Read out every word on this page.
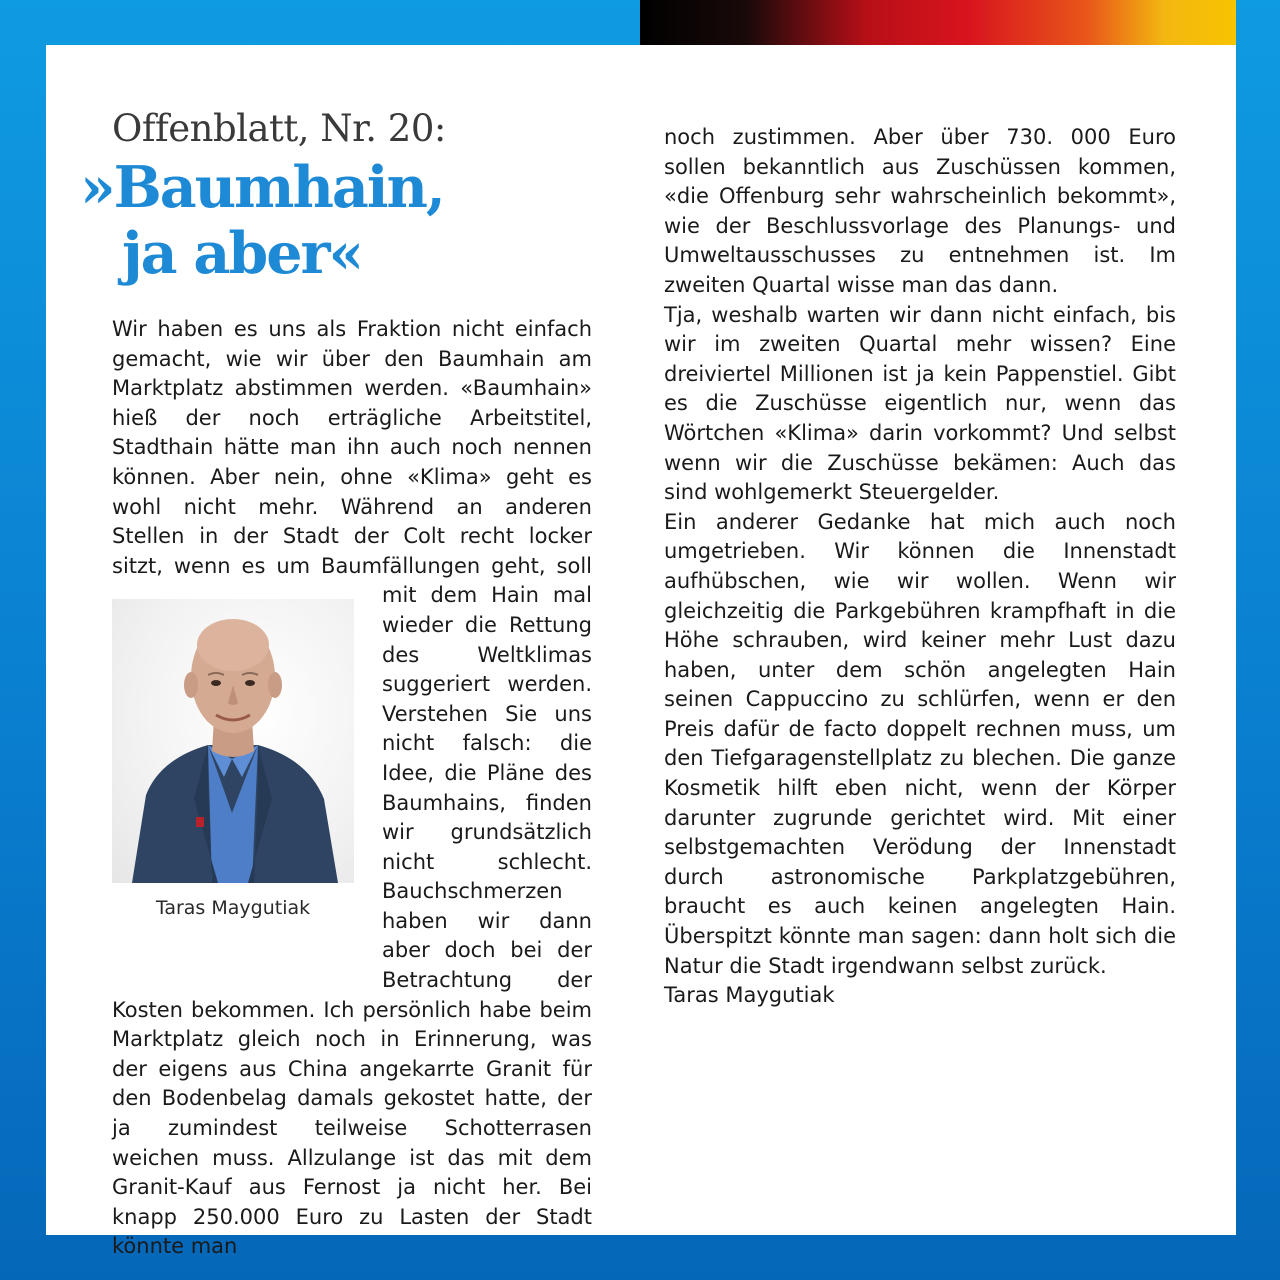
Offenblatt, Nr. 20:
»Baumhain,

ja aber«
Taras Maygutiak

Wir haben es uns als Fraktion nicht einfach gemacht, wie wir über den Baumhain am Marktplatz abstimmen werden. «Baumhain» hieß der noch erträgliche Arbeitstitel, Stadthain hätte man ihn auch noch nennen können. Aber nein, ohne «Klima» geht es wohl nicht mehr. Während an anderen Stellen in der Stadt der Colt recht locker sitzt, wenn es um Baumfällungen geht, soll mit dem Hain mal wieder die Rettung des Weltklimas suggeriert werden. Verstehen Sie uns nicht falsch: die Idee, die Pläne des Baumhains, finden wir grundsätzlich nicht schlecht. Bauchschmerzen haben wir dann aber doch bei der Betrachtung der Kosten bekommen. Ich persönlich habe beim Marktplatz gleich noch in Erinnerung, was der eigens aus China angekarrte Granit für den Bodenbelag damals gekostet hatte, der ja zumindest teilweise Schotterrasen weichen muss. Allzulange ist das mit dem Granit-Kauf aus Fernost ja nicht her. Bei knapp 250.000 Euro zu Lasten der Stadt könnte man

noch zustimmen. Aber über 730. 000 Euro sollen bekanntlich aus Zuschüssen kommen, «die Offenburg sehr wahrscheinlich bekommt», wie der Beschlussvorlage des Planungs- und Umweltausschusses zu entnehmen ist. Im zweiten Quartal wisse man das dann.

Tja, weshalb warten wir dann nicht einfach, bis wir im zweiten Quartal mehr wissen? Eine dreiviertel Millionen ist ja kein Pappenstiel. Gibt es die Zuschüsse eigentlich nur, wenn das Wörtchen «Klima» darin vorkommt? Und selbst wenn wir die Zuschüsse bekämen: Auch das sind wohlgemerkt Steuergelder.

Ein anderer Gedanke hat mich auch noch umgetrieben. Wir können die Innenstadt aufhübschen, wie wir wollen. Wenn wir gleichzeitig die Parkgebühren krampfhaft in die Höhe schrauben, wird keiner mehr Lust dazu haben, unter dem schön angelegten Hain seinen Cappuccino zu schlürfen, wenn er den Preis dafür de facto doppelt rechnen muss, um den Tiefgaragenstellplatz zu blechen. Die ganze Kosmetik hilft eben nicht, wenn der Körper darunter zugrunde gerichtet wird. Mit einer selbstgemachten Verödung der Innenstadt durch astronomische Parkplatzgebühren, braucht es auch keinen angelegten Hain. Überspitzt könnte man sagen: dann holt sich die Natur die Stadt irgendwann selbst zurück.

Taras Maygutiak
